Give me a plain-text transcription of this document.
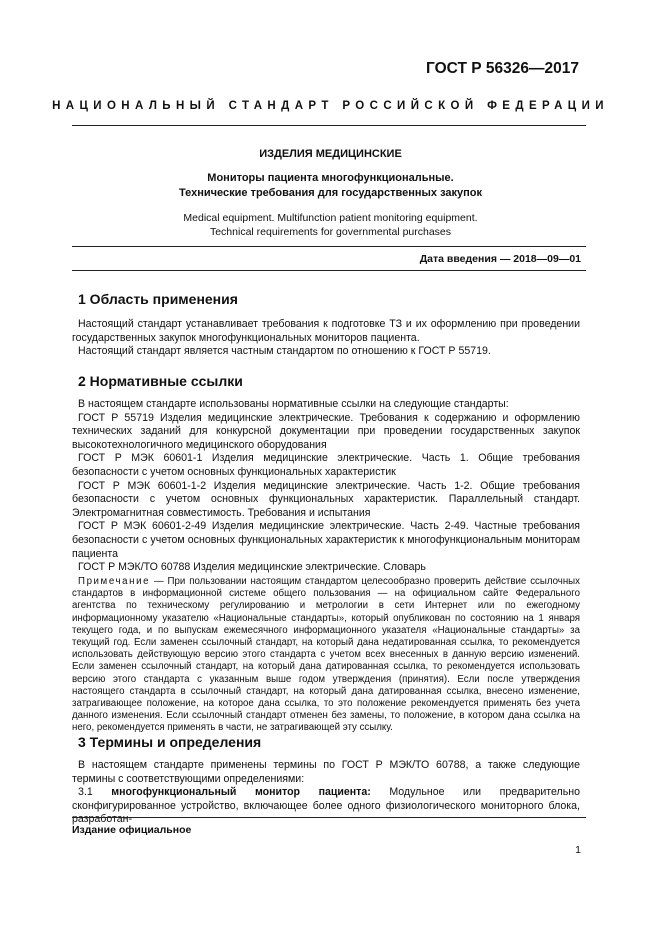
ГОСТ Р 56326—2017
НАЦИОНАЛЬНЫЙ СТАНДАРТ РОССИЙСКОЙ ФЕДЕРАЦИИ
ИЗДЕЛИЯ МЕДИЦИНСКИЕ
Мониторы пациента многофункциональные.
Технические требования для государственных закупок
Medical equipment. Multifunction patient monitoring equipment.
Technical requirements for governmental purchases
Дата введения — 2018—09—01
1 Область применения

Настоящий стандарт устанавливает требования к подготовке ТЗ и их оформлению при проведении государственных закупок многофункциональных мониторов пациента.

Настоящий стандарт является частным стандартом по отношению к ГОСТ Р 55719.

2 Нормативные ссылки

В настоящем стандарте использованы нормативные ссылки на следующие стандарты:

ГОСТ Р 55719 Изделия медицинские электрические. Требования к содержанию и оформлению технических заданий для конкурсной документации при проведении государственных закупок высокотехнологичного медицинского оборудования

ГОСТ Р МЭК 60601-1 Изделия медицинские электрические. Часть 1. Общие требования безопасности с учетом основных функциональных характеристик

ГОСТ Р МЭК 60601-1-2 Изделия медицинские электрические. Часть 1-2. Общие требования безопасности с учетом основных функциональных характеристик. Параллельный стандарт. Электромагнитная совместимость. Требования и испытания

ГОСТ Р МЭК 60601-2-49 Изделия медицинские электрические. Часть 2-49. Частные требования безопасности с учетом основных функциональных характеристик к многофункциональным мониторам пациента

ГОСТ Р МЭК/ТО 60788 Изделия медицинские электрические. Словарь

Примечание — При пользовании настоящим стандартом целесообразно проверить действие ссылочных стандартов в информационной системе общего пользования — на официальном сайте Федерального агентства по техническому регулированию и метрологии в сети Интернет или по ежегодному информационному указателю «Национальные стандарты», который опубликован по состоянию на 1 января текущего года, и по выпускам ежемесячного информационного указателя «Национальные стандарты» за текущий год. Если заменен ссылочный стандарт, на который дана недатированная ссылка, то рекомендуется использовать действующую версию этого стандарта с учетом всех внесенных в данную версию изменений. Если заменен ссылочный стандарт, на который дана датированная ссылка, то рекомендуется использовать версию этого стандарта с указанным выше годом утверждения (принятия). Если после утверждения настоящего стандарта в ссылочный стандарт, на который дана датированная ссылка, внесено изменение, затрагивающее положение, на которое дана ссылка, то это положение рекомендуется применять без учета данного изменения. Если ссылочный стандарт отменен без замены, то положение, в котором дана ссылка на него, рекомендуется применять в части, не затрагивающей эту ссылку.
3 Термины и определения

В настоящем стандарте применены термины по ГОСТ Р МЭК/ТО 60788, а также следующие термины с соответствующими определениями:

3.1 многофункциональный монитор пациента: Модульное или предварительно сконфигурированное устройство, включающее более одного физиологического мониторного блока, разработан-

Издание официальное
1
